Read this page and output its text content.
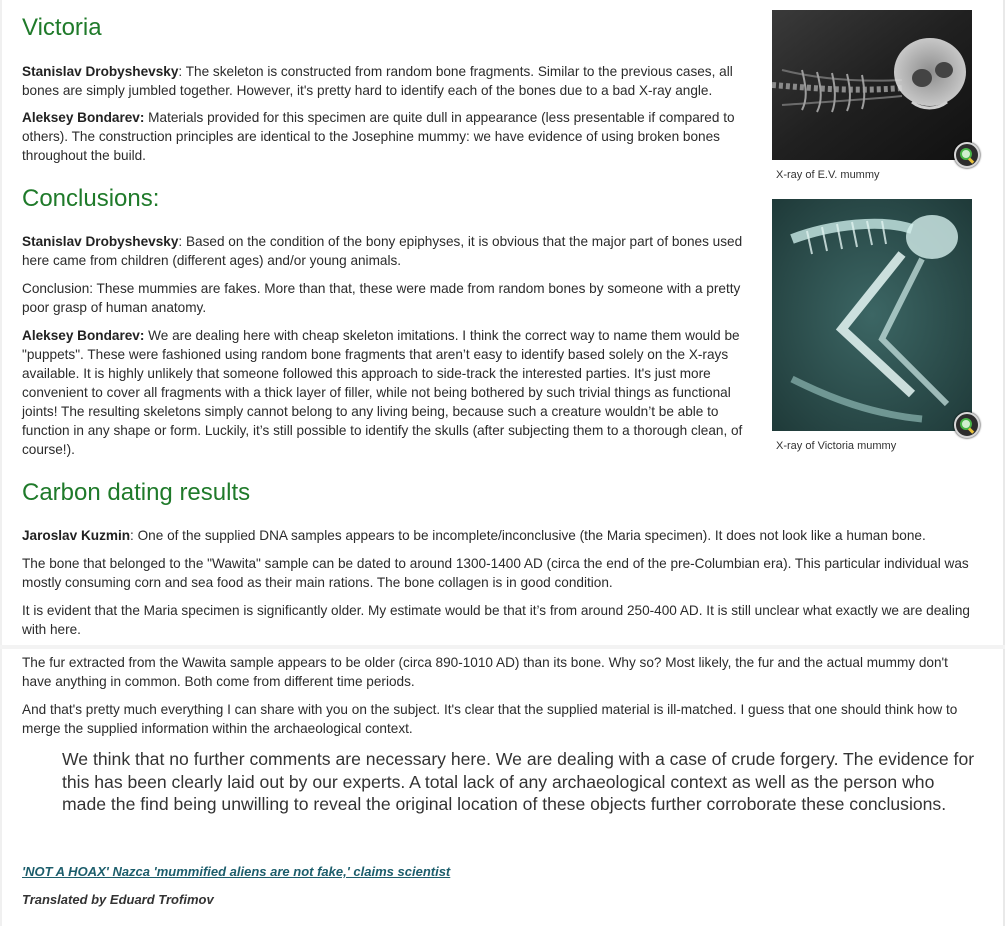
Victoria

Stanislav Drobyshevsky: The skeleton is constructed from random bone fragments. Similar to the previous cases, all bones are simply jumbled together. However, it's pretty hard to identify each of the bones due to a bad X-ray angle.

Aleksey Bondarev: Materials provided for this specimen are quite dull in appearance (less presentable if compared to others). The construction principles are identical to the Josephine mummy: we have evidence of using broken bones throughout the build.

Conclusions:

Stanislav Drobyshevsky: Based on the condition of the bony epiphyses, it is obvious that the major part of bones used here came from children (different ages) and/or young animals.

Conclusion: These mummies are fakes. More than that, these were made from random bones by someone with a pretty poor grasp of human anatomy.

Aleksey Bondarev: We are dealing here with cheap skeleton imitations. I think the correct way to name them would be "puppets". These were fashioned using random bone fragments that aren’t easy to identify based solely on the X-rays available. It is highly unlikely that someone followed this approach to side-track the interested parties. It's just more convenient to cover all fragments with a thick layer of filler, while not being bothered by such trivial things as functional joints! The resulting skeletons simply cannot belong to any living being, because such a creature wouldn’t be able to function in any shape or form. Luckily, it’s still possible to identify the skulls (after subjecting them to a thorough clean, of course!).

Carbon dating results

Jaroslav Kuzmin: One of the supplied DNA samples appears to be incomplete/inconclusive (the Maria specimen). It does not look like a human bone.

The bone that belonged to the "Wawita" sample can be dated to around 1300-1400 AD (circa the end of the pre-Columbian era). This particular individual was mostly consuming corn and sea food as their main rations. The bone collagen is in good condition.

It is evident that the Maria specimen is significantly older. My estimate would be that it’s from around 250-400 AD. It is still unclear what exactly we are dealing with here.

The fur extracted from the Wawita sample appears to be older (circa 890-1010 AD) than its bone. Why so? Most likely, the fur and the actual mummy don't have anything in common. Both come from different time periods.

And that's pretty much everything I can share with you on the subject. It's clear that the supplied material is ill-matched. I guess that one should think how to merge the supplied information within the archaeological context.

We think that no further comments are necessary here. We are dealing with a case of crude forgery. The evidence for this has been clearly laid out by our experts. A total lack of any archaeological context as well as the person who made the find being unwilling to reveal the original location of these objects further corroborate these conclusions.
'NOT A HOAX' Nazca 'mummified aliens are not fake,' claims scientist
Translated by Eduard Trofimov
X-ray of E.V. mummy
X-ray of Victoria mummy
